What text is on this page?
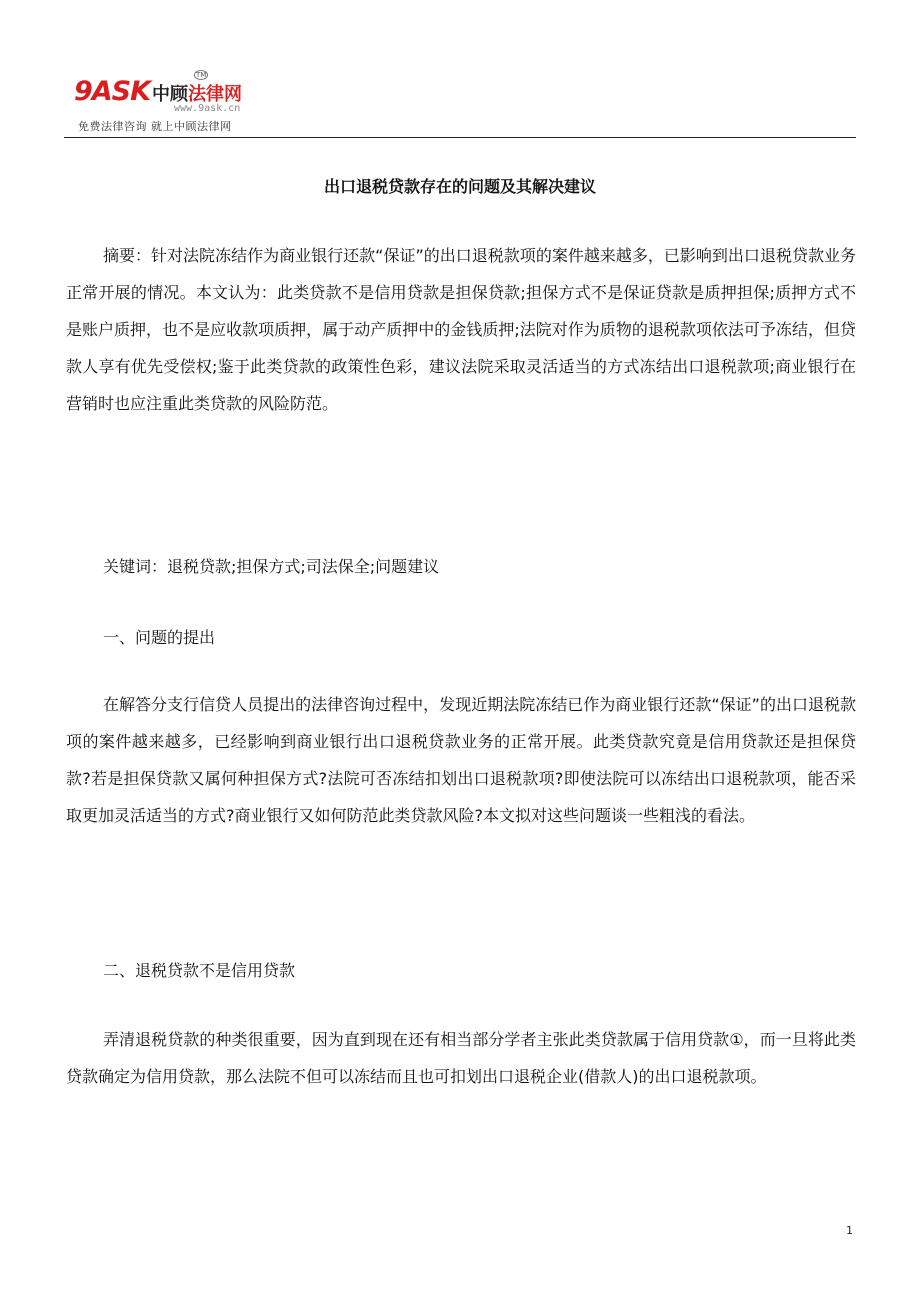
9ASK 中顾法律网
TM
www.9ask.cn
免费法律咨询 就上中顾法律网
出口退税贷款存在的问题及其解决建议

摘要：针对法院冻结作为商业银行还款“保证”的出口退税款项的案件越来越多，已影响到出口退税贷款业务正常开展的情况。本文认为：此类贷款不是信用贷款是担保贷款;担保方式不是保证贷款是质押担保;质押方式不是账户质押，也不是应收款项质押，属于动产质押中的金钱质押;法院对作为质物的退税款项依法可予冻结，但贷款人享有优先受偿权;鉴于此类贷款的政策性色彩，建议法院采取灵活适当的方式冻结出口退税款项;商业银行在营销时也应注重此类贷款的风险防范。

关键词：退税贷款;担保方式;司法保全;问题建议

一、问题的提出

在解答分支行信贷人员提出的法律咨询过程中，发现近期法院冻结已作为商业银行还款“保证”的出口退税款项的案件越来越多，已经影响到商业银行出口退税贷款业务的正常开展。此类贷款究竟是信用贷款还是担保贷款?若是担保贷款又属何种担保方式?法院可否冻结扣划出口退税款项?即使法院可以冻结出口退税款项，能否采取更加灵活适当的方式?商业银行又如何防范此类贷款风险?本文拟对这些问题谈一些粗浅的看法。

二、退税贷款不是信用贷款

弄清退税贷款的种类很重要，因为直到现在还有相当部分学者主张此类贷款属于信用贷款①，而一旦将此类贷款确定为信用贷款，那么法院不但可以冻结而且也可扣划出口退税企业(借款人)的出口退税款项。

1
